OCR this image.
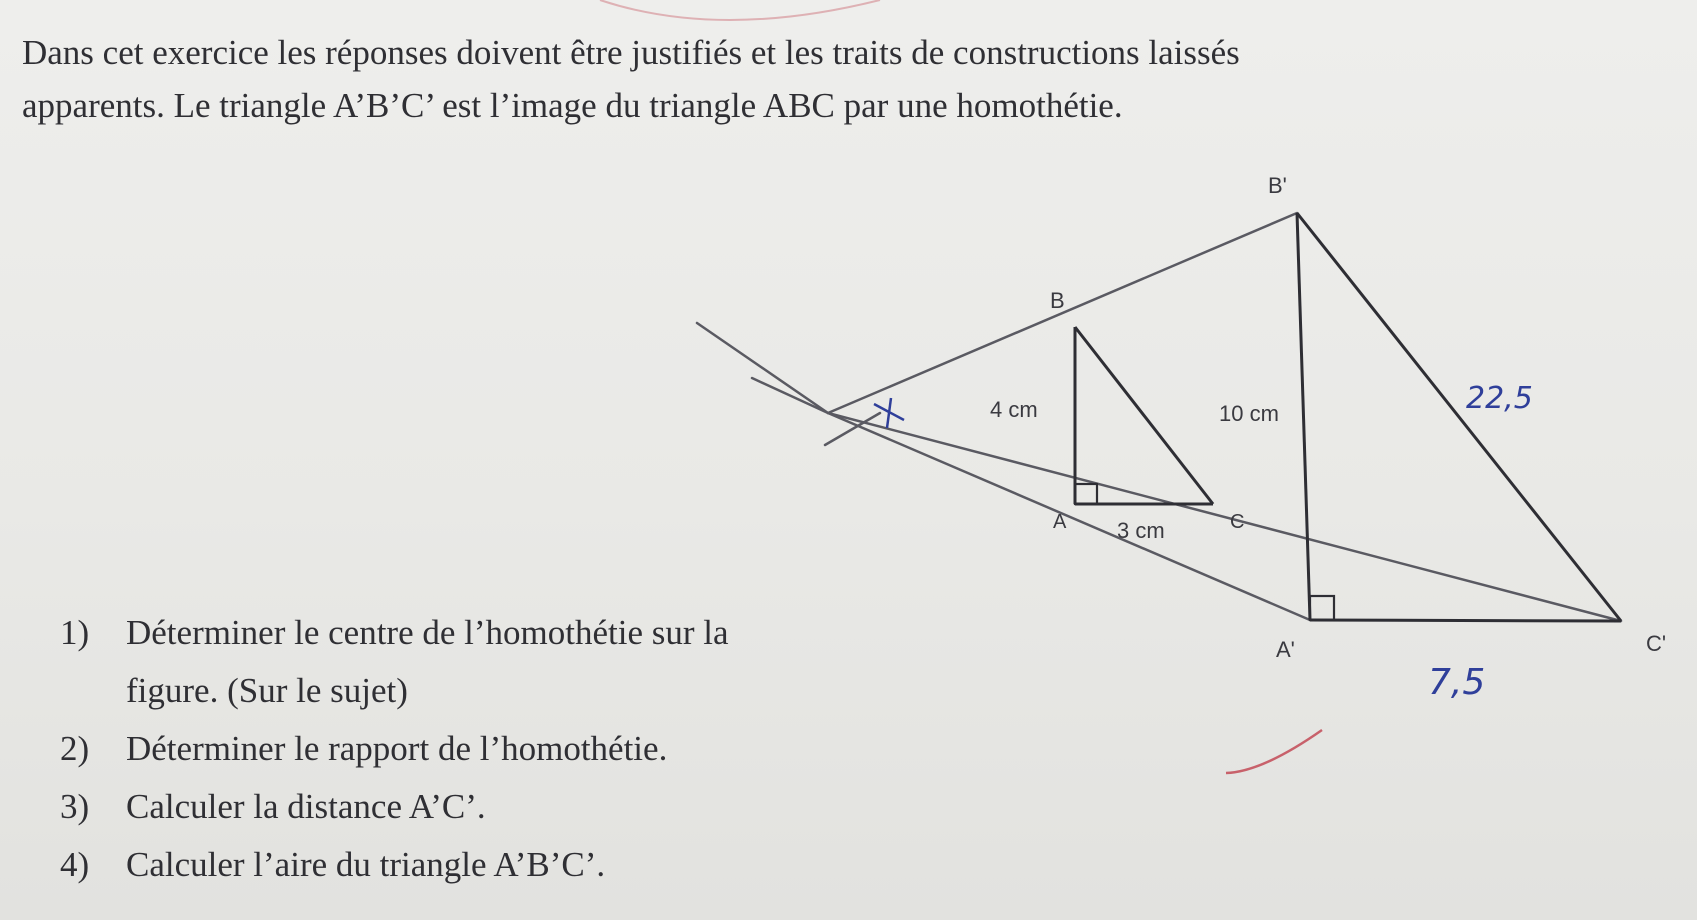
Dans cet exercice les réponses doivent être justifiés et les traits de constructions laissés
apparents. Le triangle A’B’C’ est l’image du triangle ABC par une homothétie.

B'
B
A	C
A'	C'
4 cm
3 cm
10 cm	22,5
7,5
1) Déterminer le centre de l’homothétie sur la
figure. (Sur le sujet)
2) Déterminer le rapport de l’homothétie.
3) Calculer la distance A’C’.
4) Calculer l’aire du triangle A’B’C’.
